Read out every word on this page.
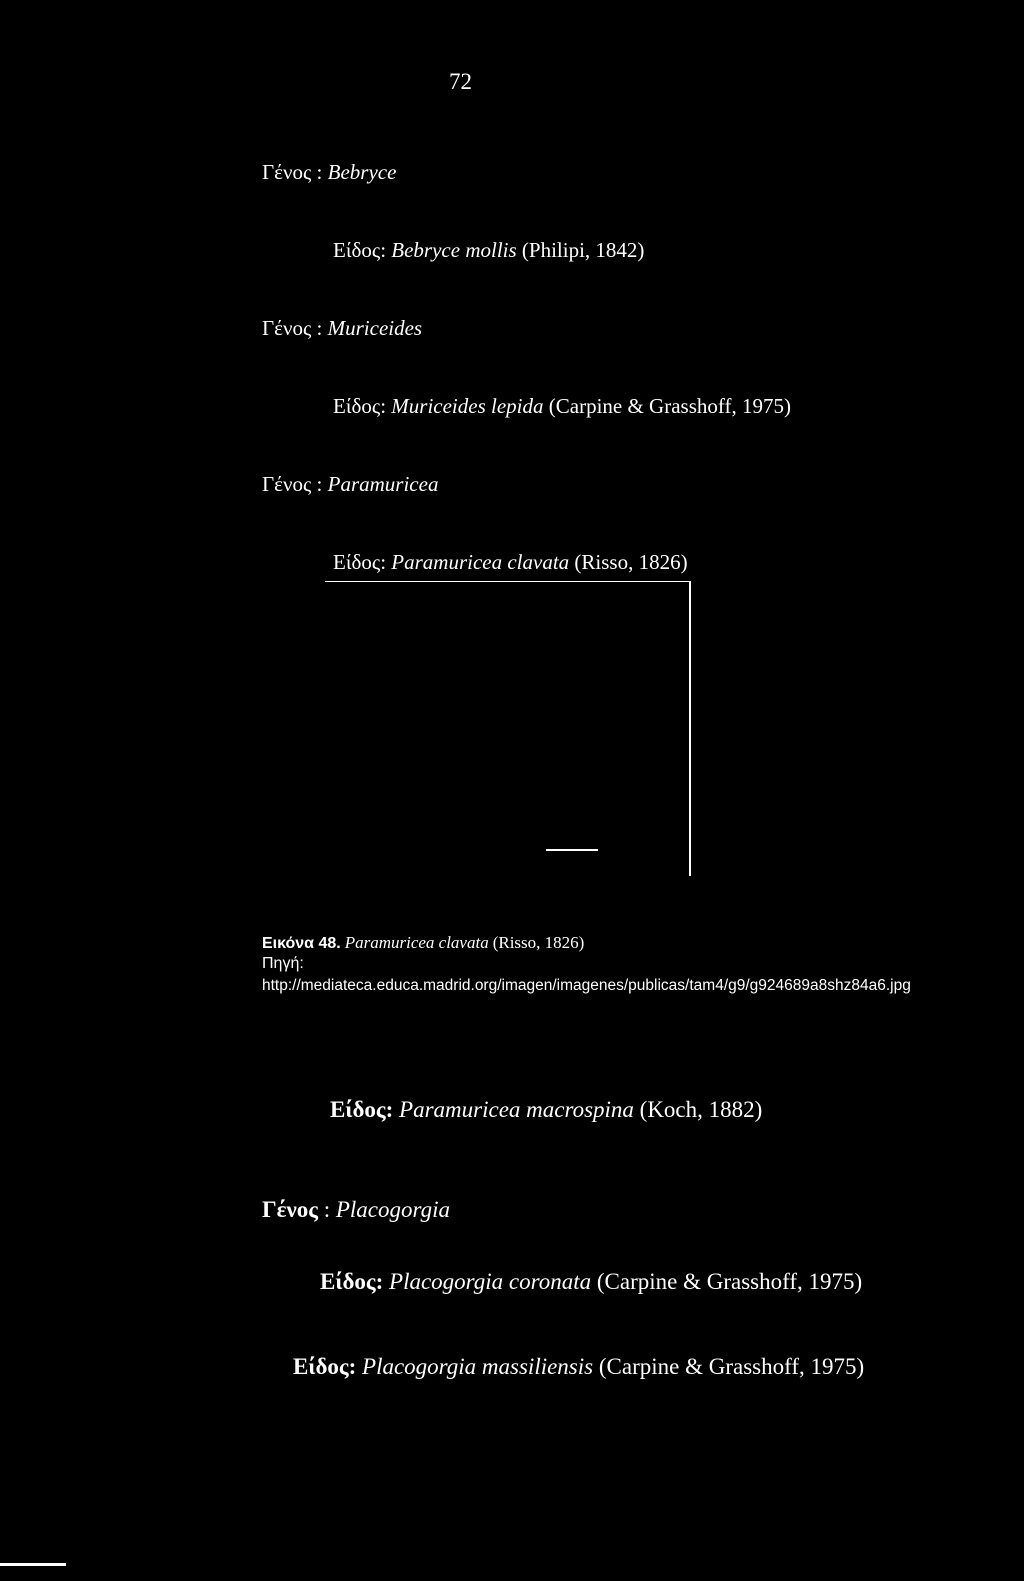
72
Γένος : Bebryce
Είδος: Bebryce mollis (Philipi, 1842)
Γένος : Muriceides
Είδος: Muriceides lepida (Carpine & Grasshoff, 1975)
Γένος : Paramuricea
Είδος: Paramuricea clavata (Risso, 1826)
Εικόνα 48. Paramuricea clavata (Risso, 1826)
Πηγή:
http://mediateca.educa.madrid.org/imagen/imagenes/publicas/tam4/g9/g924689a8shz84a6.jpg
Είδος: Paramuricea macrospina (Koch, 1882)
Γένος : Placogorgia
Είδος: Placogorgia coronata (Carpine & Grasshoff, 1975)
Είδος: Placogorgia massiliensis (Carpine & Grasshoff, 1975)
